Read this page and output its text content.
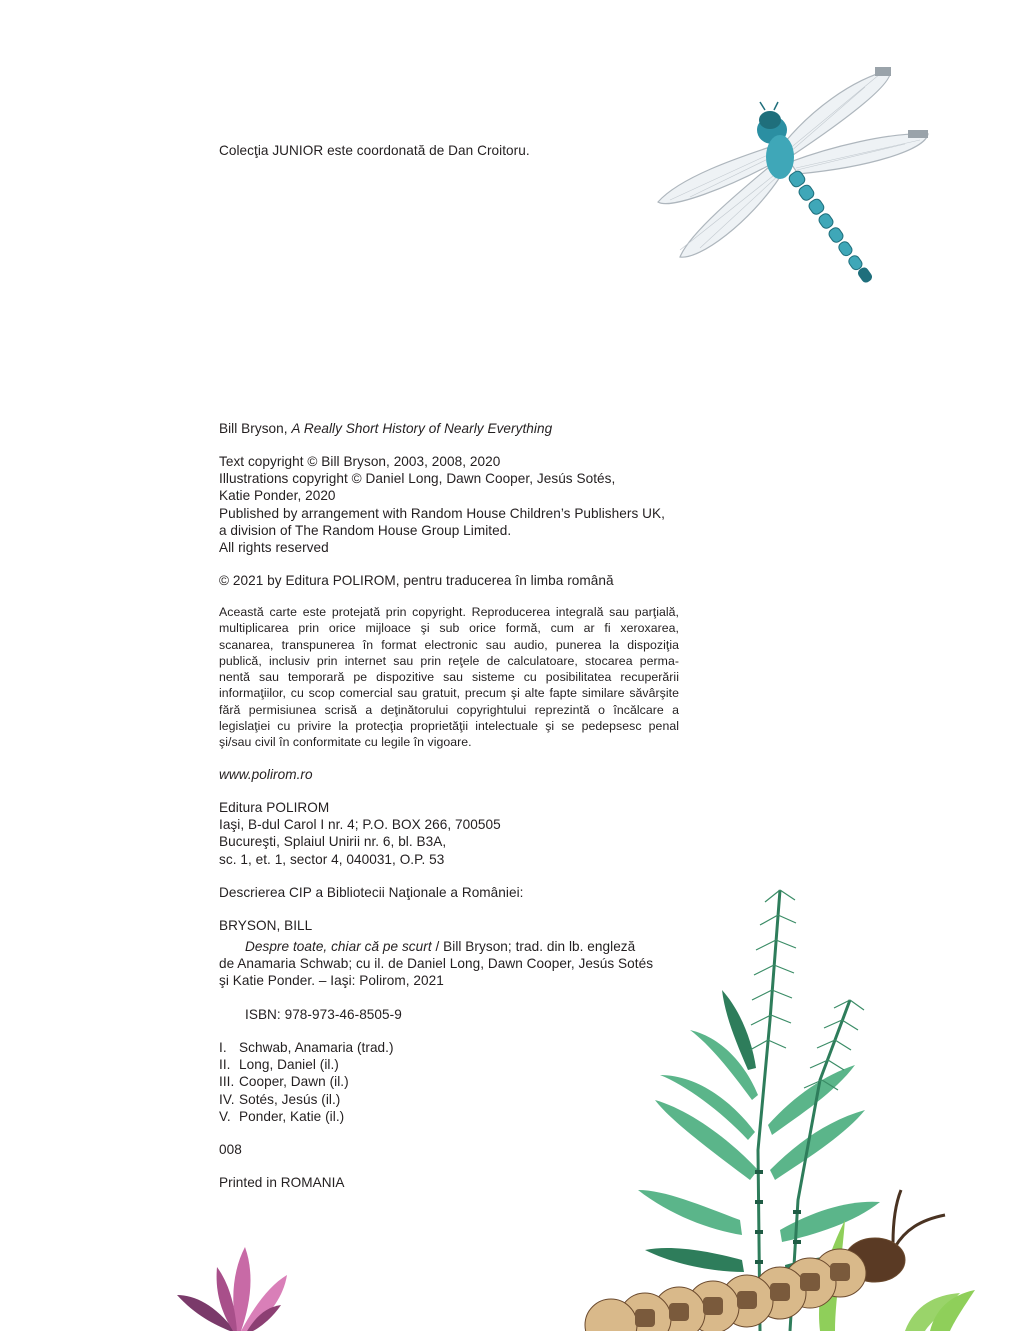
Colecţia JUNIOR este coordonată de Dan Croitoru.

Bill Bryson, A Really Short History of Nearly Everything

Text copyright © Bill Bryson, 2003, 2008, 2020
Illustrations copyright © Daniel Long, Dawn Cooper, Jesús Sotés,
Katie Ponder, 2020
Published by arrangement with Random House Children’s Publishers UK,
a division of The Random House Group Limited.
All rights reserved

© 2021 by Editura POLIROM, pentru traducerea în limba română

Această carte este protejată prin copyright. Reproducerea integrală sau parţială,
multiplicarea prin orice mijloace şi sub orice formă, cum ar fi xeroxarea,
scanarea, transpunerea în format electronic sau audio, punerea la dispoziţia
publică, inclusiv prin internet sau prin reţele de calculatoare, stocarea perma-
nentă sau temporară pe dispozitive sau sisteme cu posibilitatea recuperării
informaţiilor, cu scop comercial sau gratuit, precum şi alte fapte similare săvârşite
fără permisiunea scrisă a deţinătorului copyrightului reprezintă o încălcare a
legislaţiei cu privire la protecţia proprietăţii intelectuale şi se pedepsesc penal
şi/sau civil în conformitate cu legile în vigoare.

www.polirom.ro

Editura POLIROM
Iaşi, B-dul Carol I nr. 4; P.O. BOX 266, 700505
Bucureşti, Splaiul Unirii nr. 6, bl. B3A,
sc. 1, et. 1, sector 4, 040031, O.P. 53

Descrierea CIP a Bibliotecii Naţionale a României:

BRYSON, BILL

Despre toate, chiar că pe scurt / Bill Bryson; trad. din lb. engleză
de Anamaria Schwab; cu il. de Daniel Long, Dawn Cooper, Jesús Sotés
şi Katie Ponder. – Iaşi: Polirom, 2021

ISBN: 978-973-46-8505-9

I. Schwab, Anamaria (trad.)
II. Long, Daniel (il.)
III. Cooper, Dawn (il.)
IV. Sotés, Jesús (il.)
V. Ponder, Katie (il.)

008

Printed in ROMANIA
